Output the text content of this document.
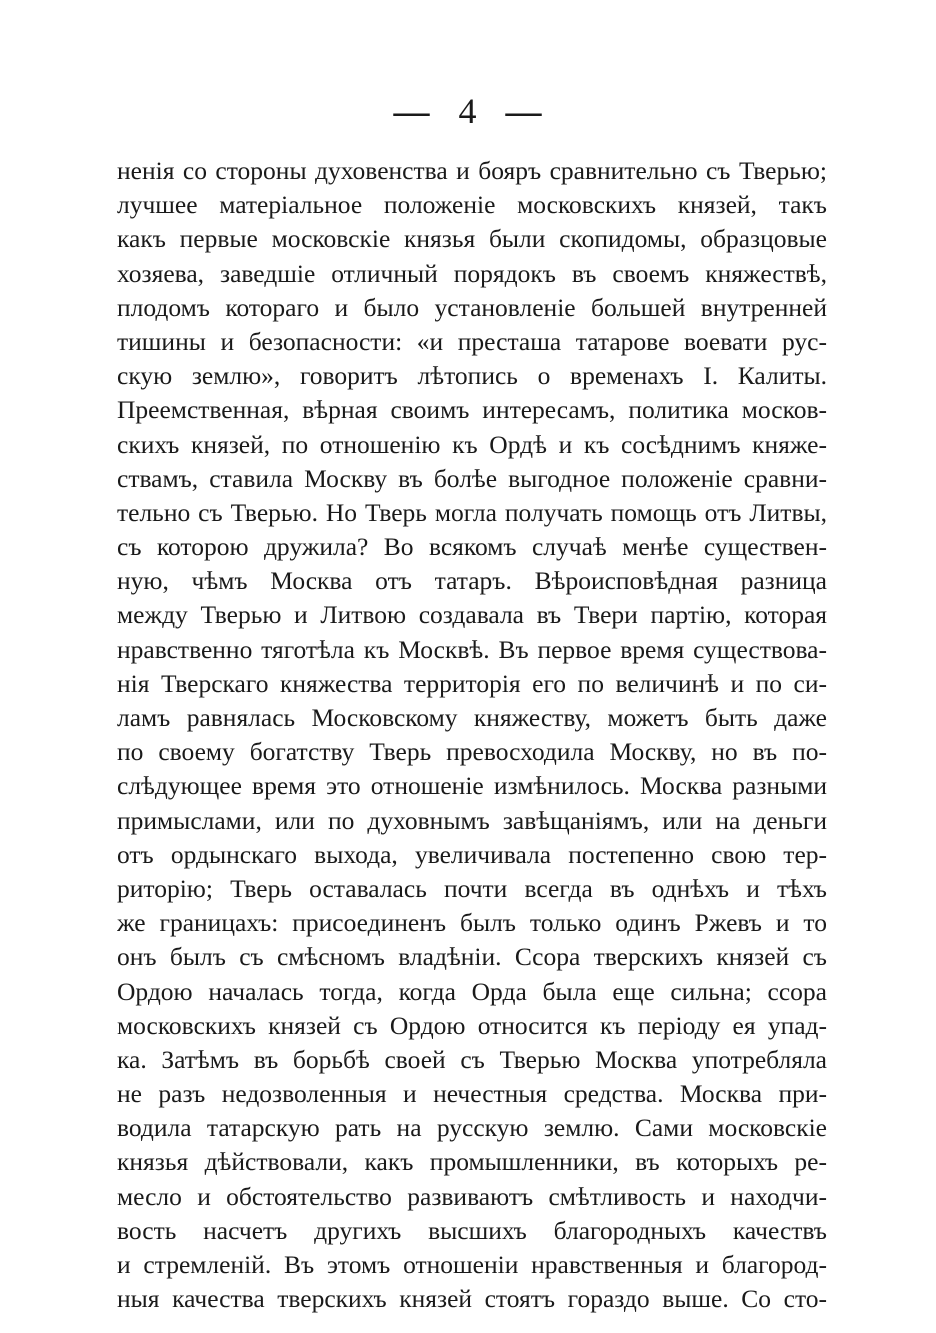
— 4 —
нeнія со стороны духовенства и бояръ сравнительно съ Тверью;
лучшее матеріальное положеніе московскихъ князей, такъ
какъ первые московскіе князья были скопидомы, образцовые
хозяева, заведшіе отличный порядокъ въ своемъ княжествѣ,
плодомъ котораго и было установленіе большей внутренней
тишины и безопасности: «и престаша татарове воевати рус-
скую землю», говоритъ лѣтопись о временахъ І. Калиты.
Преемственная, вѣрная своимъ интересамъ, политика москов-
скихъ князей, по отношенію къ Ордѣ и къ сосѣднимъ княже-
ствамъ, ставила Москву въ болѣе выгодное положеніе сравни-
тельно съ Тверью. Но Тверь могла получать помощь отъ Литвы,
съ которою дружила? Во всякомъ случаѣ менѣе существен-
ную, чѣмъ Москва отъ татаръ. Вѣроисповѣдная разница
между Тверью и Литвою создавала въ Твери партію, которая
нравственно тяготѣла къ Москвѣ. Въ первое время существова-
нія Тверскаго княжества территорія его по величинѣ и по си-
ламъ равнялась Московскому княжеству, можетъ быть даже
по своему богатству Тверь превосходила Москву, но въ по-
слѣдующее время это отношеніе измѣнилось. Москва разными
примыслами, или по духовнымъ завѣщаніямъ, или на деньги
отъ ордынскаго выхода, увеличивала постепенно свою тер-
риторію; Тверь оставалась почти всегда въ однѣхъ и тѣхъ
же границахъ: присоединенъ былъ только одинъ Ржевъ и то
онъ былъ съ смѣсномъ владѣніи. Ссора тверскихъ князей съ
Ордою началась тогда, когда Орда была еще сильна; ссора
московскихъ князей съ Ордою относится къ періоду ея упад-
ка. Затѣмъ въ борьбѣ своей съ Тверью Москва употребляла
не разъ недозволенныя и нечестныя средства. Москва при-
водила татарскую рать на русскую землю. Сами московскіе
князья дѣйствовали, какъ промышленники, въ которыхъ ре-
месло и обстоятельство развиваютъ смѣтливость и находчи-
вость насчетъ другихъ высшихъ благородныхъ качествъ
и стремленій. Въ этомъ отношеніи нравственныя и благород-
ныя качества тверскихъ князей стоятъ гораздо выше. Со сто-
